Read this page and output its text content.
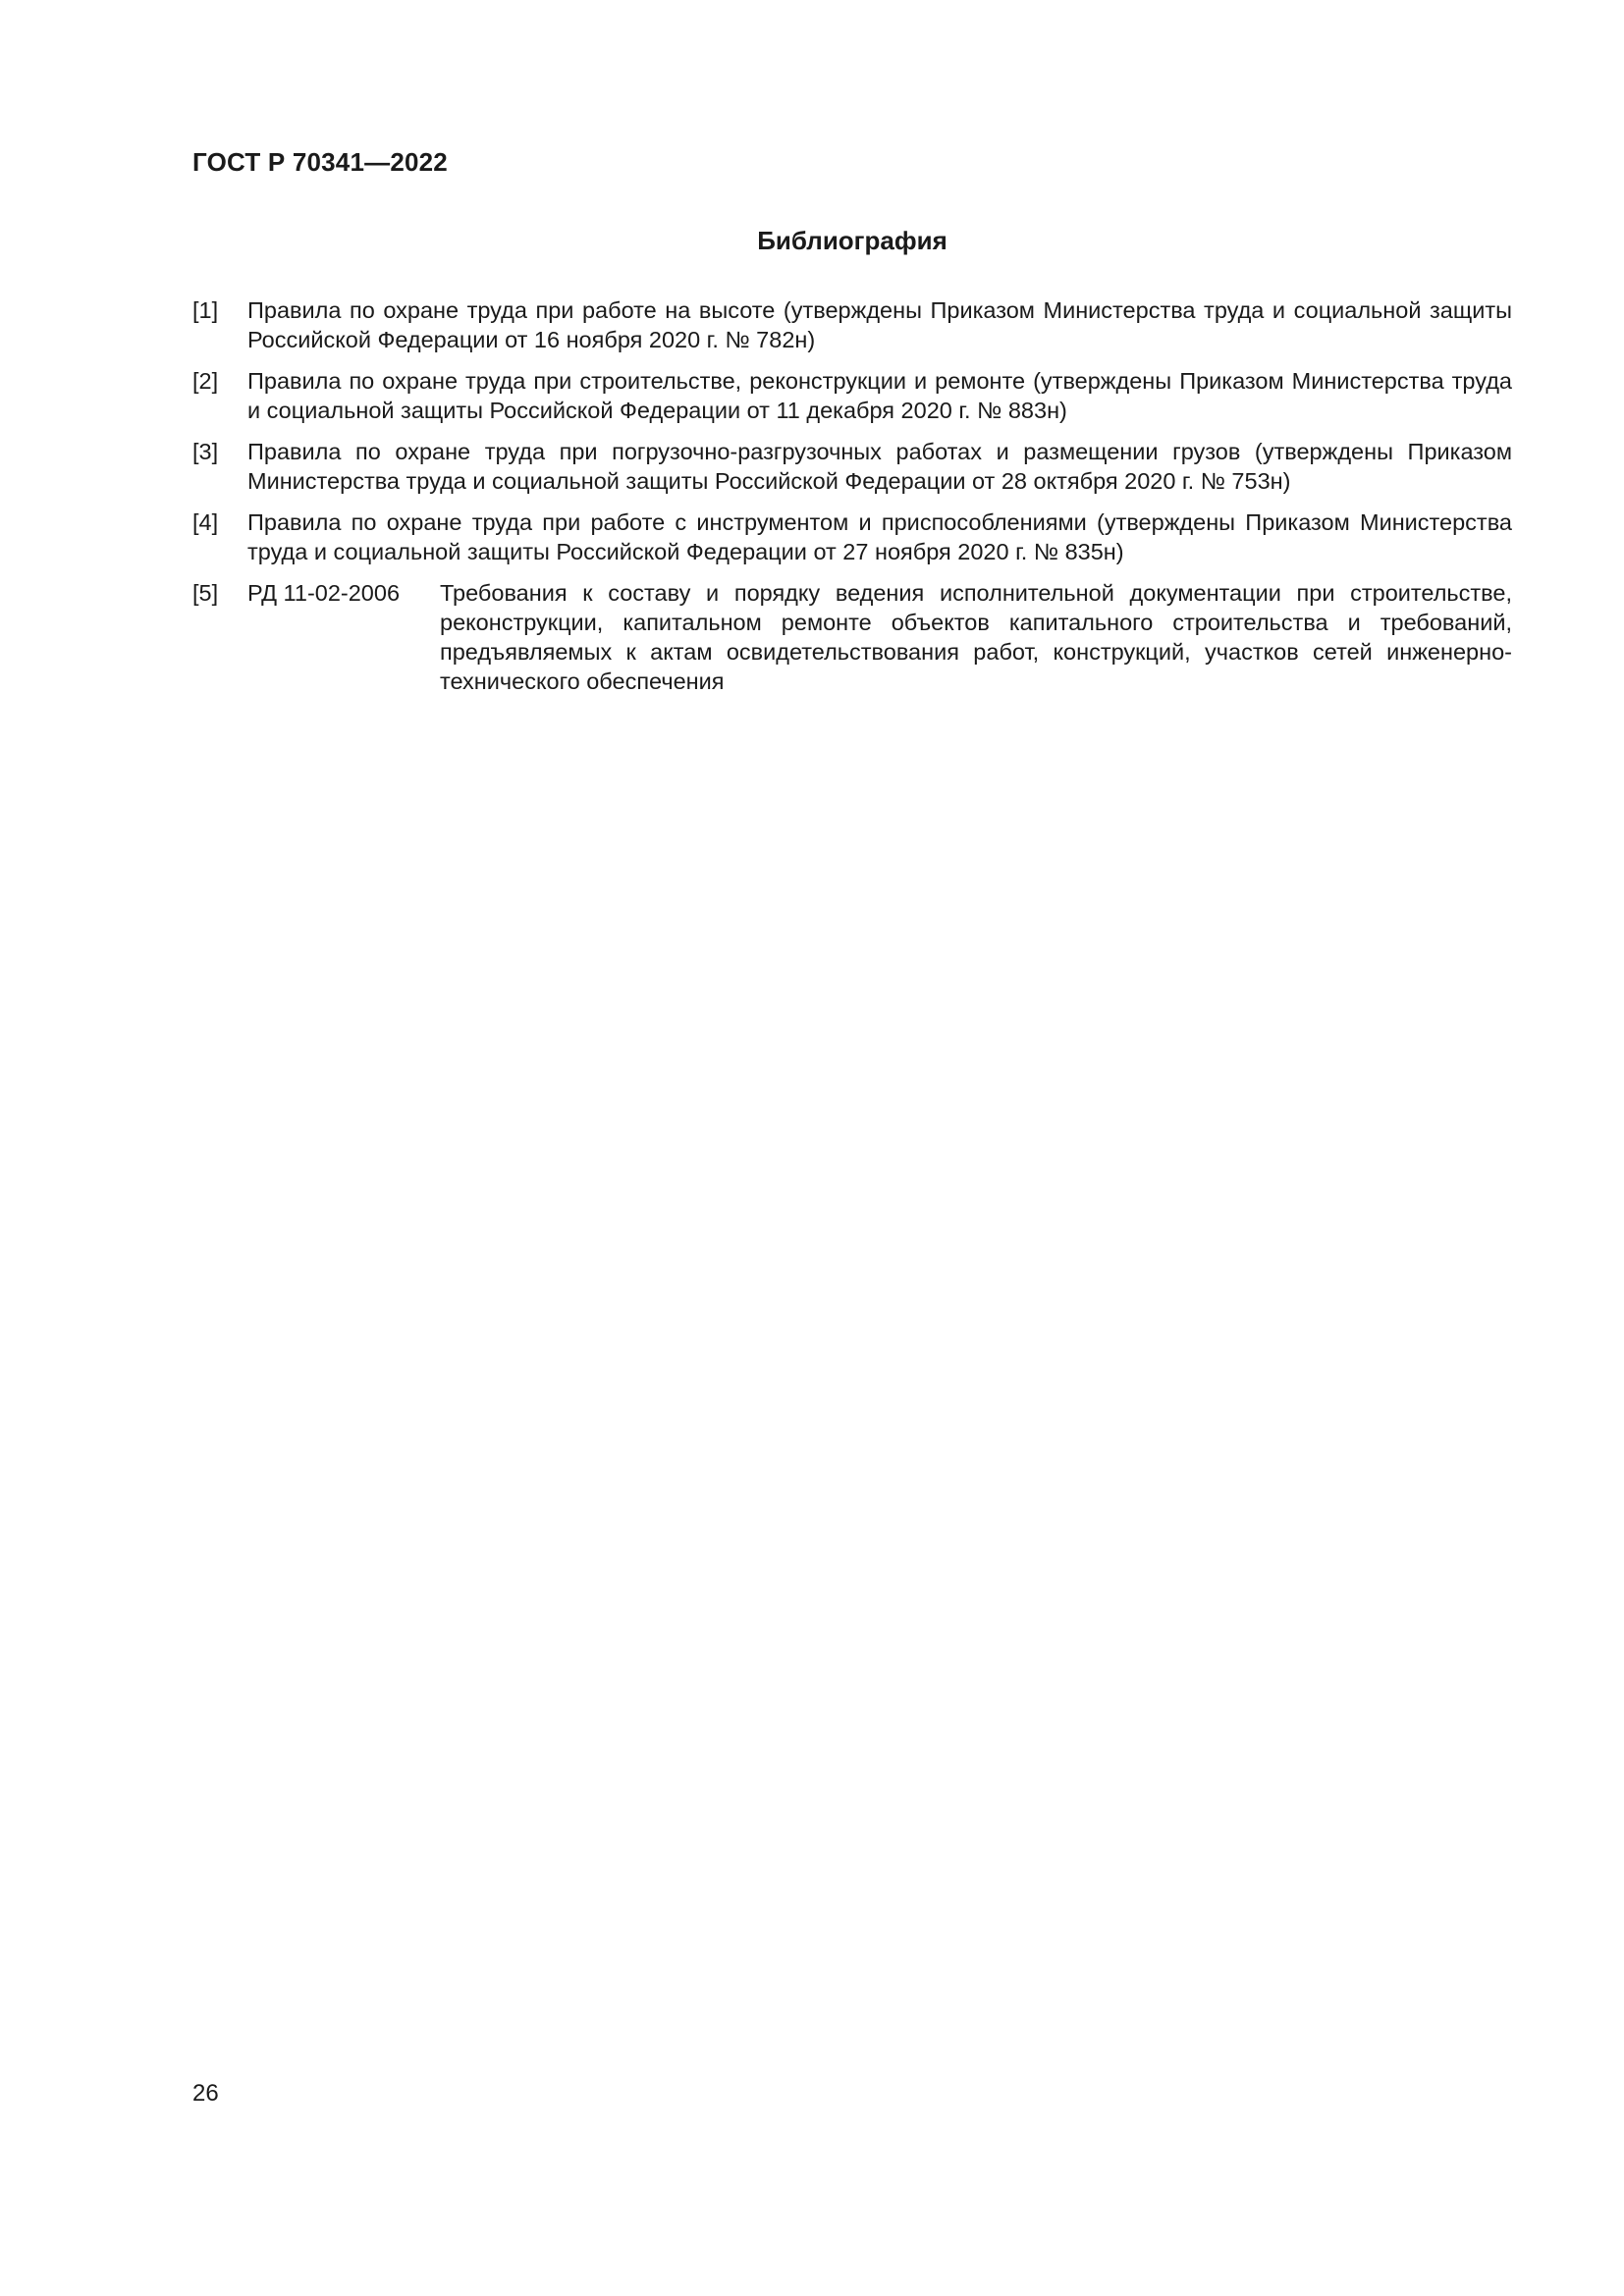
ГОСТ Р 70341—2022
Библиография
[1]	Правила по охране труда при работе на высоте (утверждены Приказом Министерства труда и социальной защиты Российской Федерации от 16 ноября 2020 г. № 782н)
[2]	Правила по охране труда при строительстве, реконструкции и ремонте (утверждены Приказом Министерства труда и социальной защиты Российской Федерации от 11 декабря 2020 г. № 883н)
[3]	Правила по охране труда при погрузочно-разгрузочных работах и размещении грузов (утверждены Приказом Министерства труда и социальной защиты Российской Федерации от 28 октября 2020 г. № 753н)
[4]	Правила по охране труда при работе с инструментом и приспособлениями (утверждены Приказом Министерства труда и социальной защиты Российской Федерации от 27 ноября 2020 г. № 835н)
[5]	РД 11-02-2006	Требования к составу и порядку ведения исполнительной документации при строительстве, реконструкции, капитальном ремонте объектов капитального строительства и требований, предъявляемых к актам освидетельствования работ, конструкций, участков сетей инженерно-технического обеспечения
26
